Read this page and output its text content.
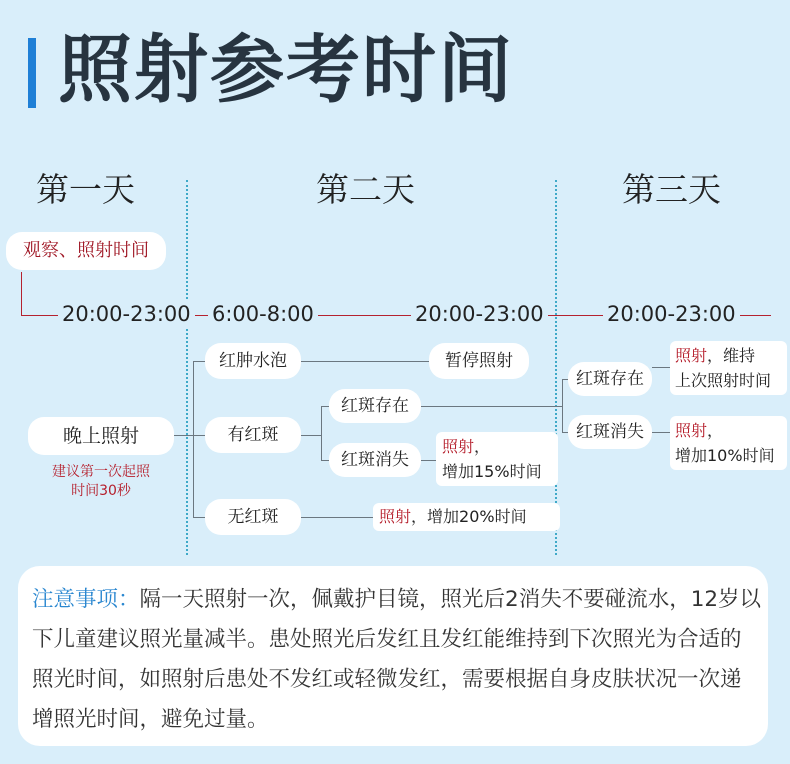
照射参考时间
第一天	第二天	第三天
观察、照射时间
20:00-23:00 6:00-8:00	20:00-23:00	20:00-23:00
晚上照射
建议第一次起照
时间30秒
红肿水泡
有红斑
无红斑
暂停照射
红斑存在
红斑消失
照射，
增加15%时间
照射，增加20%时间
红斑存在
红斑消失
照射，维持
上次照射时间
照射，
增加10%时间
注意事项：隔一天照射一次，佩戴护目镜，照光后2消失不要碰流水，12岁以下儿童建议照光量减半。患处照光后发红且发红能维持到下次照光为合适的照光时间，如照射后患处不发红或轻微发红，需要根据自身皮肤状况一次递增照光时间，避免过量。
